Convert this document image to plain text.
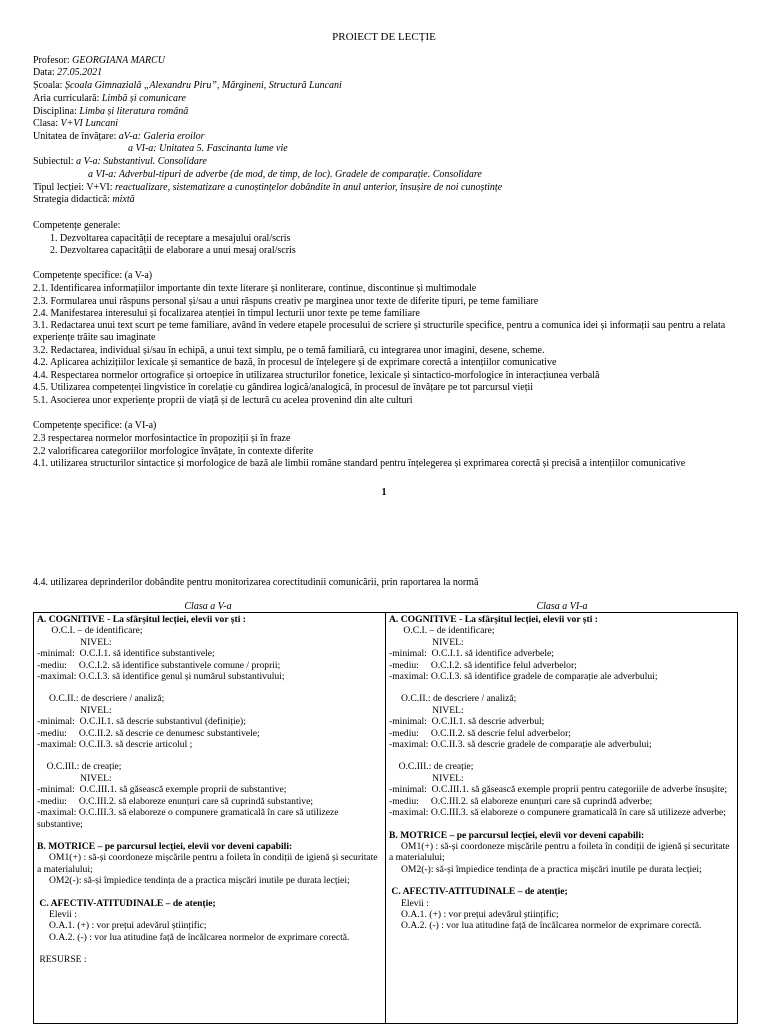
PROIECT DE LECȚIE
Profesor: GEORGIANA MARCU
Data: 27.05.2021
Școala: Școala Gimnazială „Alexandru Piru”, Mărgineni, Structură Luncani
Aria curriculară: Limbă și comunicare
Disciplina: Limba și literatura română
Clasa: V+VI Luncani
Unitatea de învățare: aV-a: Galeria eroilor
a VI-a: Unitatea 5. Fascinanta lume vie
Subiectul: a V-a: Substantivul. Consolidare
a VI-a: Adverbul-tipuri de adverbe (de mod, de timp, de loc). Gradele de comparație. Consolidare
Tipul lecției: V+VI: reactualizare, sistematizare a cunoștințelor dobândite în anul anterior, însușire de noi cunoștințe
Strategia didactică: mixtă
Competențe generale:
1. Dezvoltarea capacității de receptare a mesajului oral/scris
2. Dezvoltarea capacității de elaborare a unui mesaj oral/scris
Competențe specifice: (a V-a)
2.1. Identificarea informațiilor importante din texte literare și nonliterare, continue, discontinue și multimodale
2.3. Formularea unui răspuns personal și/sau a unui răspuns creativ pe marginea unor texte de diferite tipuri, pe teme familiare
2.4. Manifestarea interesului și focalizarea atenției în timpul lecturii unor texte pe teme familiare
3.1. Redactarea unui text scurt pe teme familiare, având în vedere etapele procesului de scriere și structurile specifice, pentru a comunica idei și informații sau pentru a relata experiențe trăite sau imaginate
3.2. Redactarea, individual și/sau în echipă, a unui text simplu, pe o temă familiară, cu integrarea unor imagini, desene, scheme.
4.2. Aplicarea achizițiilor lexicale și semantice de bază, în procesul de înțelegere și de exprimare corectă a intențiilor comunicative
4.4. Respectarea normelor ortografice și ortoepice în utilizarea structurilor fonetice, lexicale și sintactico-morfologice în interacțiunea verbală
4.5. Utilizarea competenței lingvistice în corelație cu gândirea logică/analogică, în procesul de învățare pe tot parcursul vieții
5.1. Asocierea unor experiențe proprii de viață și de lectură cu acelea provenind din alte culturi
Competențe specifice: (a VI-a)
2.3 respectarea normelor morfosintactice în propoziții și în fraze
2.2 valorificarea categoriilor morfologice învățate, în contexte diferite
4.1. utilizarea structurilor sintactice și morfologice de bază ale limbii române standard pentru înțelegerea și exprimarea corectă și precisă a intențiilor comunicative
1
4.4. utilizarea deprinderilor dobândite pentru monitorizarea corectitudinii comunicării, prin raportarea la normă
Clasa a V-a	Clasa a VI-a

A. COGNITIVE - La sfârșitul lecției, elevii vor ști :

O.C.I. – de identificare;

NIVEL:

-minimal:  O.C.I.1. să identifice substantivele;

-mediu:     O.C.I.2. să identifice substantivele comune / proprii;

-maximal: O.C.I.3. să identifice genul și numărul substantivului;

O.C.II.: de descriere / analiză;

NIVEL:

-minimal:  O.C.II.1. să descrie substantivul (definiție);

-mediu:     O.C.II.2. să descrie ce denumesc substantivele;

-maximal: O.C.II.3. să descrie articolul ;

O.C.III.: de creație;

NIVEL:

-minimal:  O.C.III.1. să găsească exemple proprii de substantive;

-mediu:     O.C.III.2. să elaboreze enunțuri care să cuprindă substantive;

-maximal: O.C.III.3. să elaboreze o compunere gramaticală în care să utilizeze substantive;

B. MOTRICE – pe parcursul lecției, elevii vor deveni capabili:

OM1(+) : să-și coordoneze mișcările pentru a foileta în condiții de igienă și securitate a materialului;

OM2(-): să-și împiedice tendința de a practica mișcări inutile pe durata lecției;

C. AFECTIV-ATITUDINALE – de atenție;

Elevii :

O.A.1. (+) : vor prețui adevărul științific;

O.A.2. (-) : vor lua atitudine față de încălcarea normelor de exprimare corectă.

RESURSE :

A. COGNITIVE - La sfârșitul lecției, elevii vor ști :

O.C.I. – de identificare;

NIVEL:

-minimal:  O.C.I.1. să identifice adverbele;

-mediu:     O.C.I.2. să identifice felul adverbelor;

-maximal: O.C.I.3. să identifice gradele de comparație ale adverbului;

O.C.II.: de descriere / analiză;

NIVEL:

-minimal:  O.C.II.1. să descrie adverbul;

-mediu:     O.C.II.2. să descrie felul adverbelor;

-maximal: O.C.II.3. să descrie gradele de comparație ale adverbului;

O.C.III.: de creație;

NIVEL:

-minimal:  O.C.III.1. să găsească exemple proprii pentru categoriile de adverbe însușite;

-mediu:     O.C.III.2. să elaboreze enunțuri care să cuprindă adverbe;

-maximal: O.C.III.3. să elaboreze o compunere gramaticală în care să utilizeze adverbe;

B. MOTRICE – pe parcursul lecției, elevii vor deveni capabili:

OM1(+) : să-și coordoneze mișcările pentru a foileta în condiții de igienă și securitate a materialului;

OM2(-): să-și împiedice tendința de a practica mișcări inutile pe durata lecției;

C. AFECTIV-ATITUDINALE – de atenție;

Elevii :

O.A.1. (+) : vor prețui adevărul științific;

O.A.2. (-) : vor lua atitudine față de încălcarea normelor de exprimare corectă.
